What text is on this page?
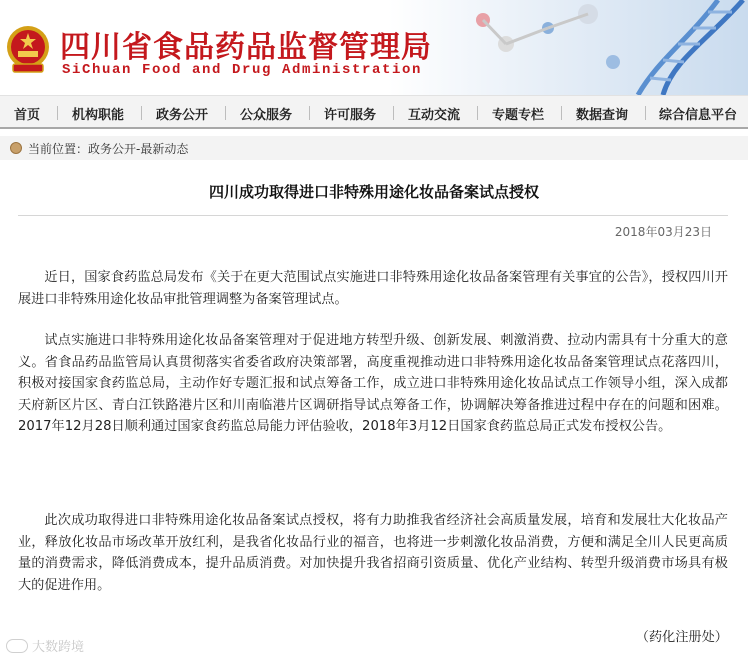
四川省食品药品监督管理局
SiChuan Food and Drug Administration
首页 机构职能 政务公开 公众服务 许可服务 互动交流 专题专栏 数据查询 综合信息平台
当前位置： 政务公开-最新动态
四川成功取得进口非特殊用途化妆品备案试点授权
2018年03月23日

近日，国家食药监总局发布《关于在更大范围试点实施进口非特殊用途化妆品备案管理有关事宜的公告》，授权四川开展进口非特殊用途化妆品审批管理调整为备案管理试点。

试点实施进口非特殊用途化妆品备案管理对于促进地方转型升级、创新发展、刺激消费、拉动内需具有十分重大的意义。省食品药品监管局认真贯彻落实省委省政府决策部署，高度重视推动进口非特殊用途化妆品备案管理试点花落四川，积极对接国家食药监总局，主动作好专题汇报和试点筹备工作，成立进口非特殊用途化妆品试点工作领导小组，深入成都天府新区片区、青白江铁路港片区和川南临港片区调研指导试点筹备工作，协调解决筹备推进过程中存在的问题和困难。2017年12月28日顺利通过国家食药监总局能力评估验收，2018年3月12日国家食药监总局正式发布授权公告。

此次成功取得进口非特殊用途化妆品备案试点授权，将有力助推我省经济社会高质量发展，培育和发展壮大化妆品产业，释放化妆品市场改革开放红利，是我省化妆品行业的福音，也将进一步刺激化妆品消费，方便和满足全川人民更高质量的消费需求，降低消费成本，提升品质消费。对加快提升我省招商引资质量、优化产业结构、转型升级消费市场具有极大的促进作用。

（药化注册处）
大数跨境
